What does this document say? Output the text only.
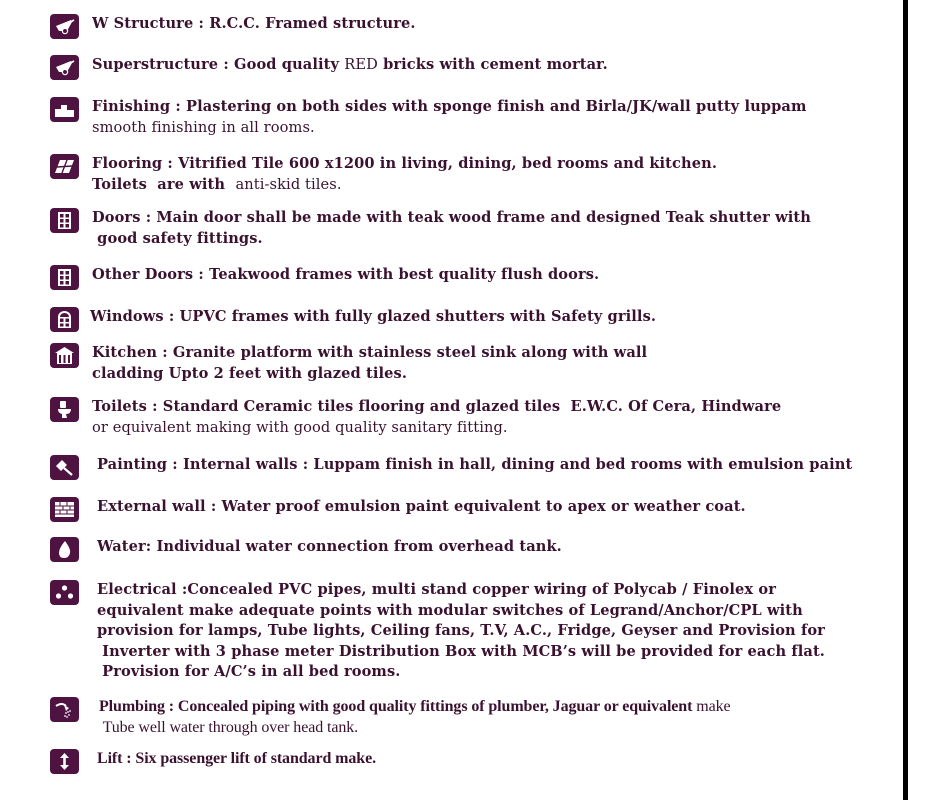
W Structure : R.C.C. Framed structure.
Superstructure : Good quality RED bricks with cement mortar.
Finishing : Plastering on both sides with sponge finish and Birla/JK/wall putty luppam
smooth finishing in all rooms.
Flooring : Vitrified Tile 600 x1200 in living, dining, bed rooms and kitchen.
Toilets  are with  anti-skid tiles.
Doors : Main door shall be made with teak wood frame and designed Teak shutter with
good safety fittings.
Other Doors : Teakwood frames with best quality flush doors.
Windows : UPVC frames with fully glazed shutters with Safety grills.
Kitchen : Granite platform with stainless steel sink along with wall
cladding Upto 2 feet with glazed tiles.
Toilets : Standard Ceramic tiles flooring and glazed tiles  E.W.C. Of Cera, Hindware
or equivalent making with good quality sanitary fitting.
Painting : Internal walls : Luppam finish in hall, dining and bed rooms with emulsion paint
External wall : Water proof emulsion paint equivalent to apex or weather coat.
Water: Individual water connection from overhead tank.
Electrical :Concealed PVC pipes, multi stand copper wiring of Polycab / Finolex or
equivalent make adequate points with modular switches of Legrand/Anchor/CPL with
provision for lamps, Tube lights, Ceiling fans, T.V, A.C., Fridge, Geyser and Provision for
Inverter with 3 phase meter Distribution Box with MCB’s will be provided for each flat.
Provision for A/C’s in all bed rooms.
Plumbing : Concealed piping with good quality fittings of plumber, Jaguar or equivalent make
Tube well water through over head tank.
Lift : Six passenger lift of standard make.
